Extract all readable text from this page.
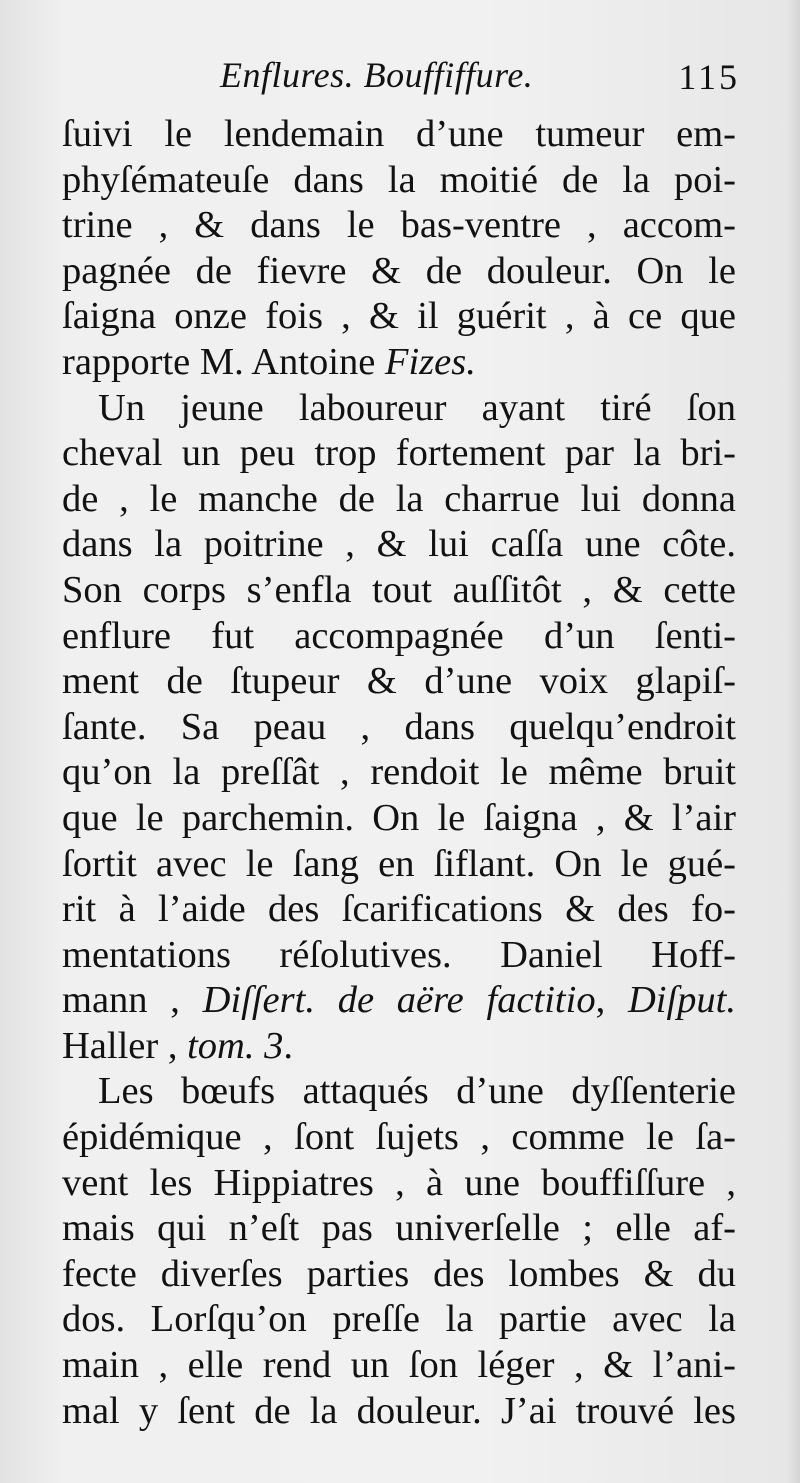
Enflures. Bouffiffure.	115
ſuivi le lendemain d’une tumeur em-
phyſémateuſe dans la moitié de la poi-
trine , & dans le bas-ventre , accom-
pagnée de fievre & de douleur. On le
ſaigna onze fois , & il guérit , à ce que
rapporte M. Antoine Fizes.
Un jeune laboureur ayant tiré ſon
cheval un peu trop fortement par la bri-
de , le manche de la charrue lui donna
dans la poitrine , & lui caſſa une côte.
Son corps s’enfla tout auſſitôt , & cette
enflure fut accompagnée d’un ſenti-
ment de ſtupeur & d’une voix glapiſ-
ſante. Sa peau , dans quelqu’endroit
qu’on la preſſât , rendoit le même bruit
que le parchemin. On le ſaigna , & l’air
ſortit avec le ſang en ſiflant. On le gué-
rit à l’aide des ſcarifications & des fo-
mentations réſolutives. Daniel Hoff-
mann , Diſſert. de aëre factitio, Diſput.
Haller , tom. 3.
Les bœufs attaqués d’une dyſſenterie
épidémique , ſont ſujets , comme le ſa-
vent les Hippiatres , à une bouffiſſure ,
mais qui n’eſt pas univerſelle ; elle af-
fecte diverſes parties des lombes & du
dos. Lorſqu’on preſſe la partie avec la
main , elle rend un ſon léger , & l’ani-
mal y ſent de la douleur. J’ai trouvé les
